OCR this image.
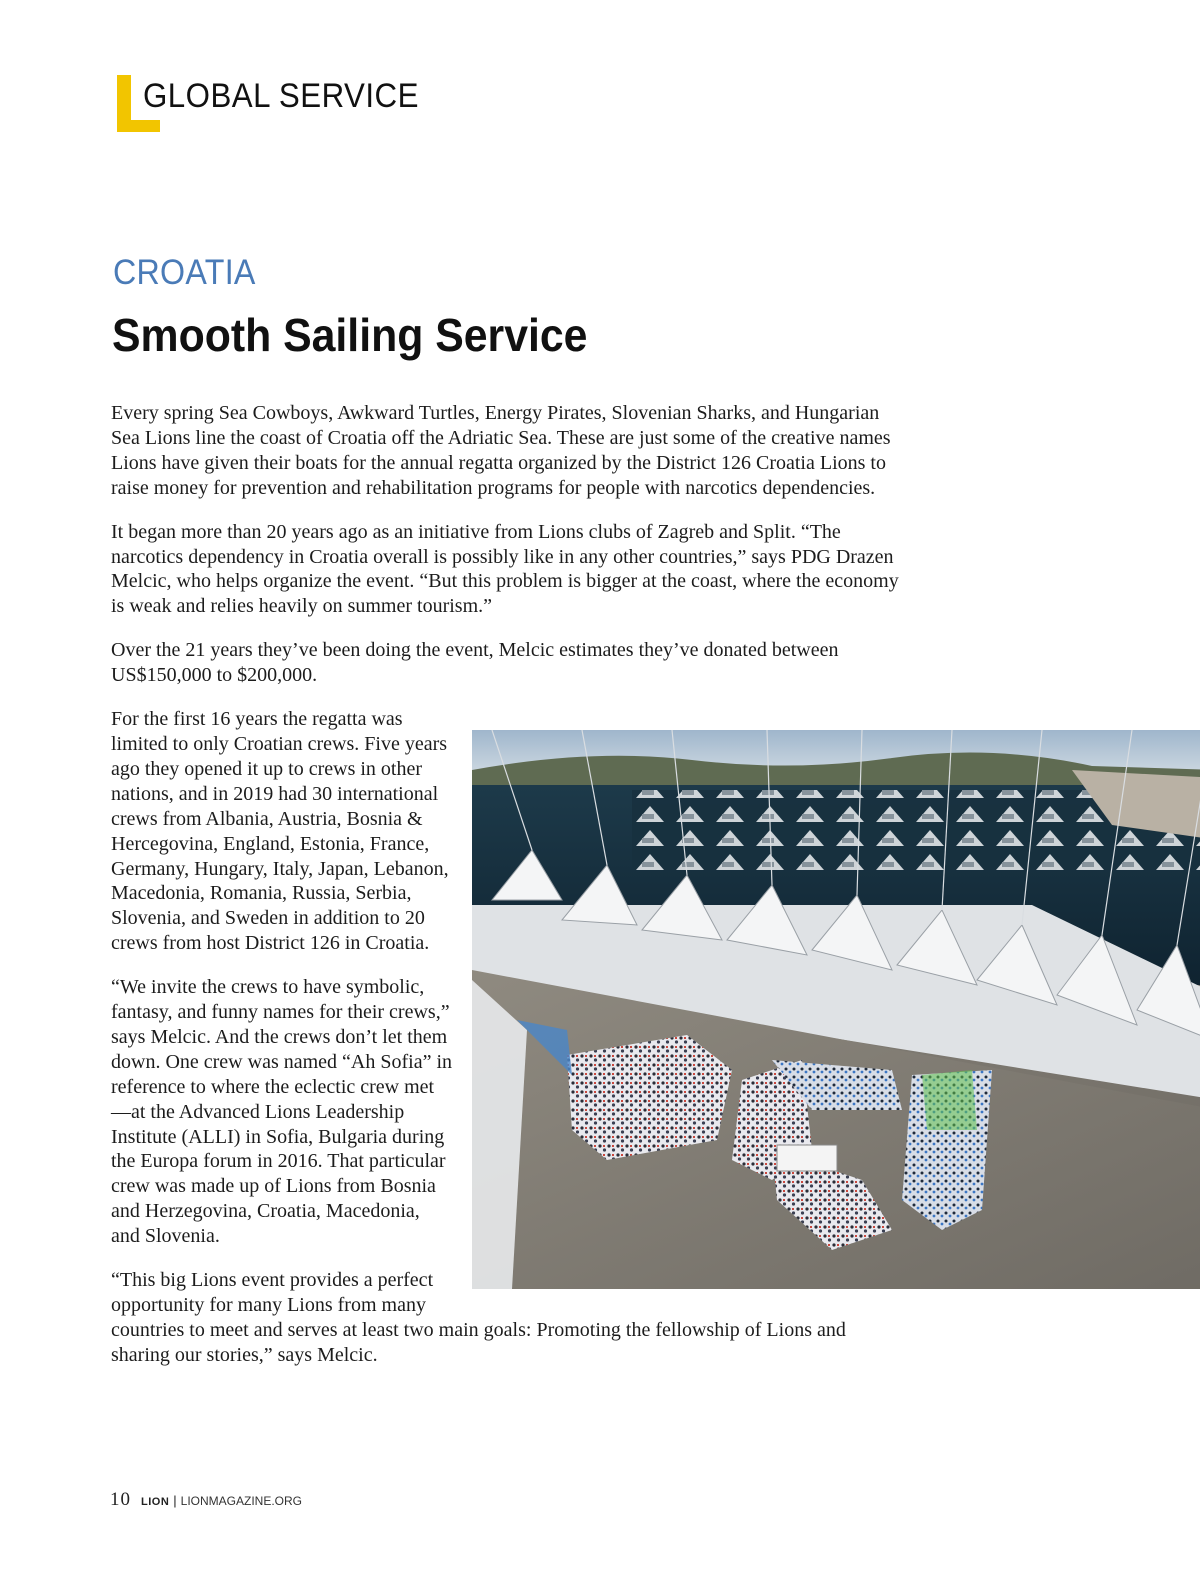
GLOBAL SERVICE
CROATIA
Smooth Sailing Service

Every spring Sea Cowboys, Awkward Turtles, Energy Pirates, Slovenian Sharks, and Hungarian Sea Lions line the coast of Croatia off the Adriatic Sea. These are just some of the creative names Lions have given their boats for the annual regatta organized by the District 126 Croatia Lions to raise money for prevention and rehabilitation programs for people with narcotics dependencies.

It began more than 20 years ago as an initiative from Lions clubs of Zagreb and Split. “The narcotics dependency in Croatia overall is possibly like in any other countries,” says PDG Drazen Melcic, who helps organize the event. “But this problem is bigger at the coast, where the economy is weak and relies heavily on summer tourism.”

Over the 21 years they’ve been doing the event, Melcic estimates they’ve donated between US$150,000 to $200,000.

For the first 16 years the regatta was limited to only Croatian crews. Five years ago they opened it up to crews in other nations, and in 2019 had 30 international crews from Albania, Austria, Bosnia & Hercegovina, England, Estonia, France, Germany, Hungary, Italy, Japan, Lebanon, Macedonia, Romania, Russia, Serbia, Slovenia, and Sweden in addition to 20 crews from host District 126 in Croatia.

“We invite the crews to have symbolic, fantasy, and funny names for their crews,” says Melcic. And the crews don’t let them down. One crew was named “Ah Sofia” in reference to where the eclectic crew met—at the Advanced Lions Leadership Institute (ALLI) in Sofia, Bulgaria during the Europa forum in 2016. That particular crew was made up of Lions from Bosnia and Herzegovina, Croatia, Macedonia, and Slovenia.

“This big Lions event provides a perfect opportunity for many Lions from many countries to meet and serves at least two main goals: Promoting the fellowship of Lions and sharing our stories,” says Melcic.

10 LION | LIONMAGAZINE.ORG
